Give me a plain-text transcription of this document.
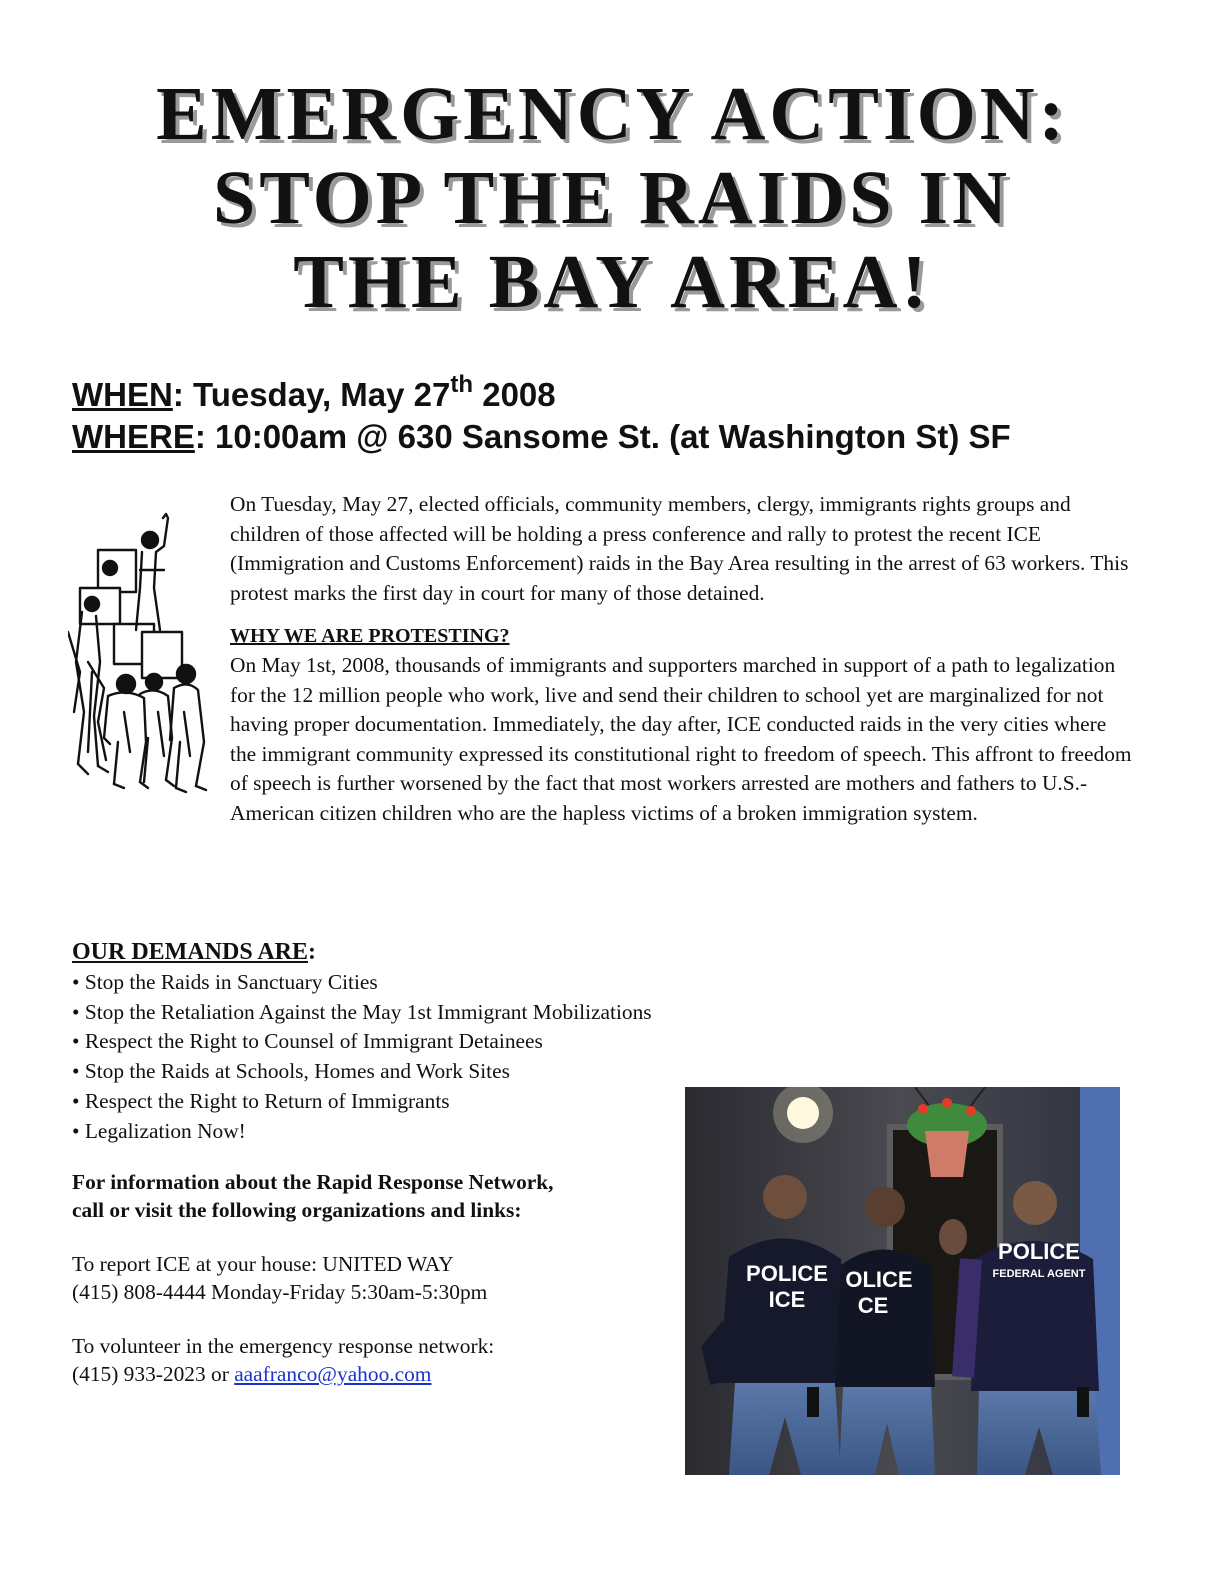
EMERGENCY ACTION:
STOP THE RAIDS IN
THE BAY AREA!
WHEN: Tuesday, May 27th 2008
WHERE: 10:00am @ 630 Sansome St. (at Washington St) SF

On Tuesday, May 27, elected officials, community members, clergy, immigrants rights groups and children of those affected will be holding a press conference and rally to protest the recent ICE (Immigration and Customs Enforcement) raids in the Bay Area resulting in the arrest of 63 workers. This protest marks the first day in court for many of those detained.

WHY WE ARE PROTESTING?

On May 1st, 2008, thousands of immigrants and supporters marched in support of a path to legalization for the 12 million people who work, live and send their children to school yet are marginalized for not having proper documentation. Immediately, the day after, ICE conducted raids in the very cities where the immigrant community expressed its constitutional right to freedom of speech. This affront to freedom of speech is further worsened by the fact that most workers arrested are mothers and fathers to U.S.-American citizen children who are the hapless victims of a broken immigration system.

OUR DEMANDS ARE:
• Stop the Raids in Sanctuary Cities
• Stop the Retaliation Against the May 1st Immigrant Mobilizations
• Respect the Right to Counsel of Immigrant Detainees
• Stop the Raids at Schools, Homes and Work Sites
• Respect the Right to Return of Immigrants
• Legalization Now!

For information about the Rapid Response Network,

call or visit the following organizations and links:

To report ICE at your house: UNITED WAY

(415) 808-4444 Monday-Friday 5:30am-5:30pm

To volunteer in the emergency response network:

(415) 933-2023 or aaafranco@yahoo.com

POLICE
ICE
OLICE
CE
POLICE
FEDERAL AGENT
